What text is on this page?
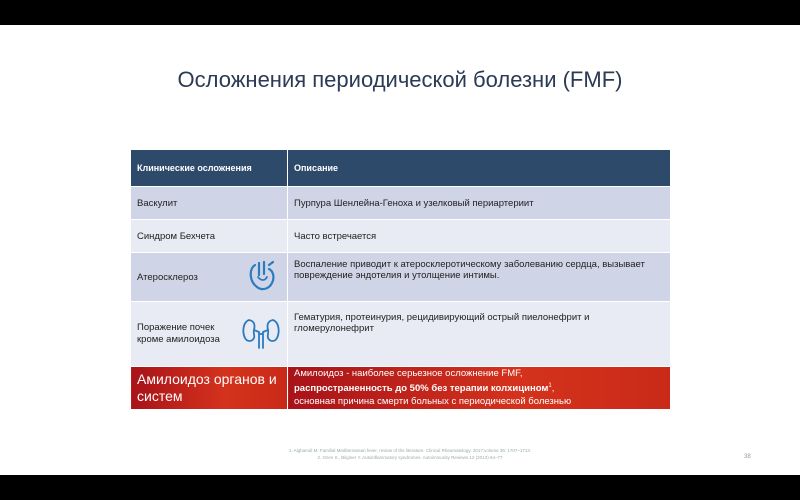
Осложнения периодической болезни (FMF)
Клинические осложнения	Описание
Васкулит	Пурпура Шенлейна-Геноха и узелковый периартериит
Синдром Бехчета	Часто встречается

Атеросклероз	Воспаление приводит к атеросклеротическому заболеванию сердца, вызывает повреждение эндотелия и утолщение интимы.

Поражение почек кроме амилоидоза	Гематурия, протеинурия, рецидивирующий острый пиелонефрит и гломерулонефрит

Амилоидоз органов и систем	Амилоидоз - наиболее серьезное осложнение FMF,
распространенность до 50% без терапии колхицином$^1$,
основная причина смерти больных с периодической болезнью
1. Alghamdi M. Familial Mediterranean fever, review of the literature. Clinical Rheumatology. 2017;volume 36: 1707–1713.
2. Ozen S., Bilginer Y. Autoinflammatory syndromes. Autoimmunity Reviews 12 (2013) 64–77	38
